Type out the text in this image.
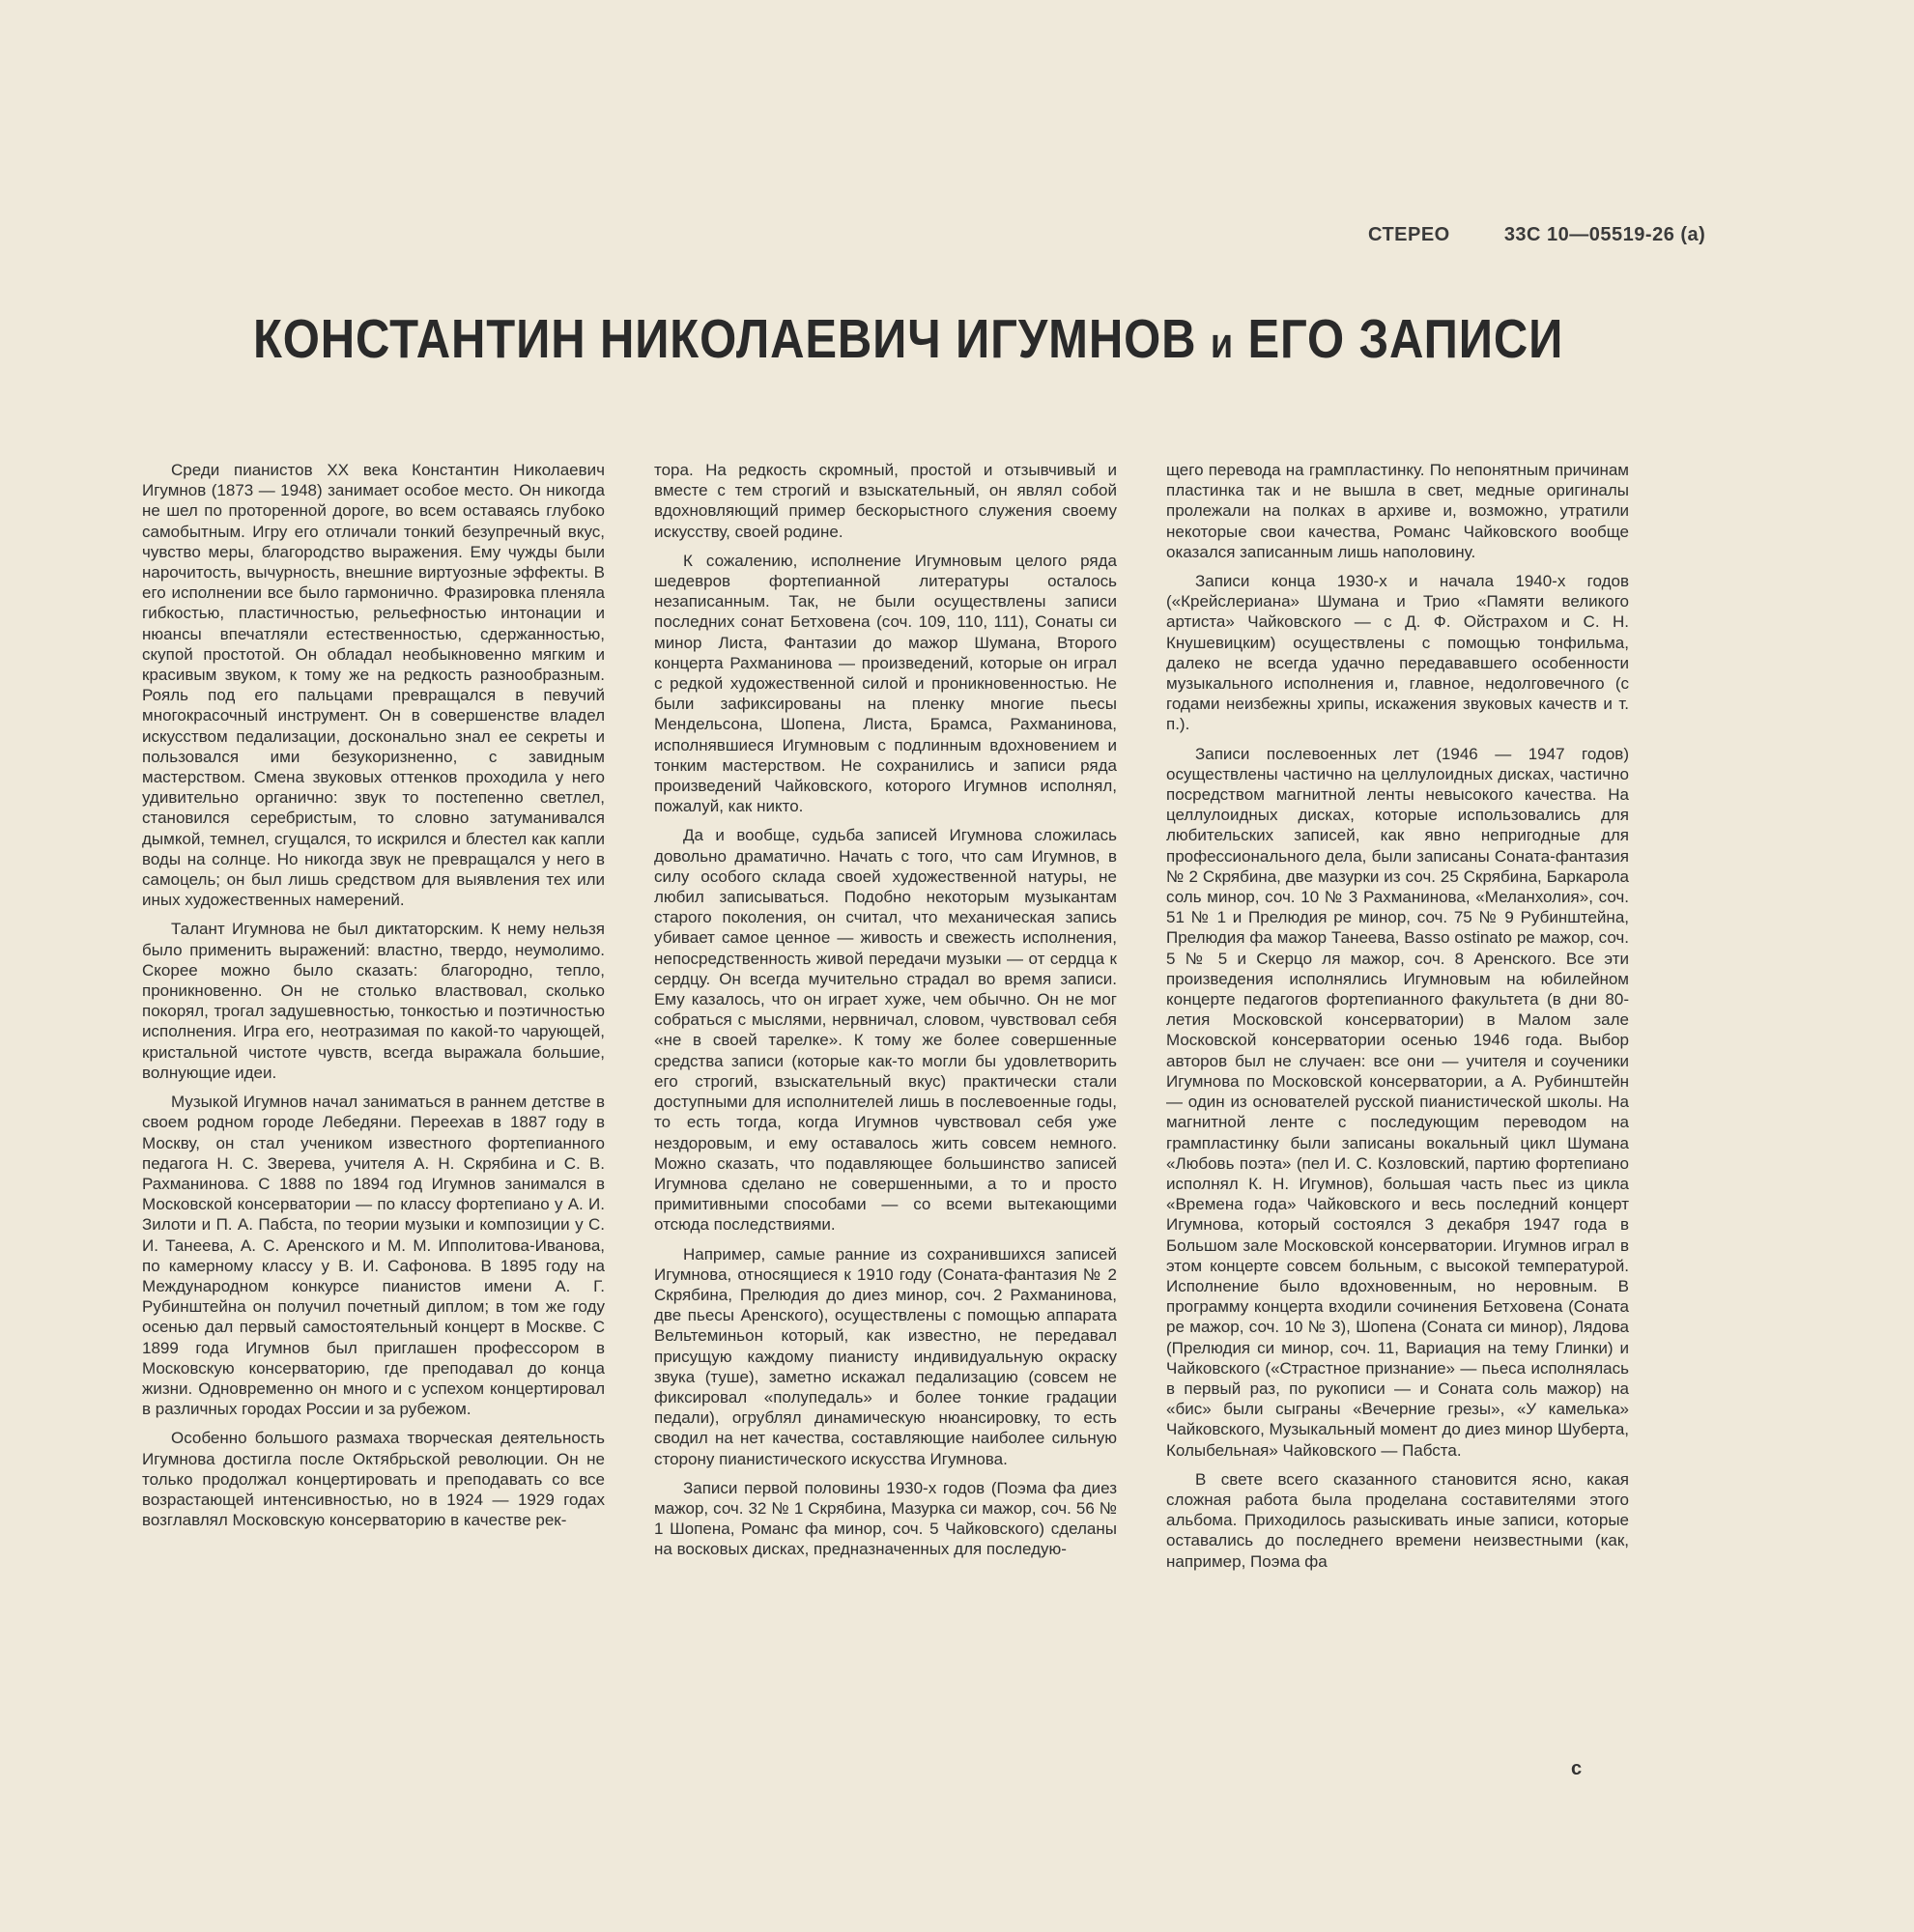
СТЕРЕО	33С 10—05519-26 (а)
КОНСТАНТИН НИКОЛАЕВИЧ ИГУМНОВ и ЕГО ЗАПИСИ

Среди пианистов XX века Константин Николаевич Игумнов (1873 — 1948) занимает особое место. Он никогда не шел по проторенной дороге, во всем оставаясь глубоко самобытным. Игру его отличали тонкий безупречный вкус, чувство меры, благородство выражения. Ему чужды были нарочитость, вычурность, внешние виртуозные эффекты. В его исполнении все было гармонично. Фразировка пленяла гибкостью, пластичностью, рельефностью интонации и нюансы впечатляли естественностью, сдержанностью, скупой простотой. Он обладал необыкновенно мягким и красивым звуком, к тому же на редкость разнообразным. Рояль под его пальцами превращался в певучий многокрасочный инструмент. Он в совершенстве владел искусством педализации, досконально знал ее секреты и пользовался ими безукоризненно, с завидным мастерством. Смена звуковых оттенков проходила у него удивительно органично: звук то постепенно светлел, становился серебристым, то словно затуманивался дымкой, темнел, сгущался, то искрился и блестел как капли воды на солнце. Но никогда звук не превращался у него в самоцель; он был лишь средством для выявления тех или иных художественных намерений.

Талант Игумнова не был диктаторским. К нему нельзя было применить выражений: властно, твердо, неумолимо. Скорее можно было сказать: благородно, тепло, проникновенно. Он не столько властвовал, сколько покорял, трогал задушевностью, тонкостью и поэтичностью исполнения. Игра его, неотразимая по какой-то чарующей, кристальной чистоте чувств, всегда выражала большие, волнующие идеи.

Музыкой Игумнов начал заниматься в раннем детстве в своем родном городе Лебедяни. Переехав в 1887 году в Москву, он стал учеником известного фортепианного педагога Н. С. Зверева, учителя А. Н. Скрябина и С. В. Рахманинова. С 1888 по 1894 год Игумнов занимался в Московской консерватории — по классу фортепиано у А. И. Зилоти и П. А. Пабста, по теории музыки и композиции у С. И. Танеева, А. С. Аренского и М. М. Ипполитова-Иванова, по камерному классу у В. И. Сафонова. В 1895 году на Международном конкурсе пианистов имени А. Г. Рубинштейна он получил почетный диплом; в том же году осенью дал первый самостоятельный концерт в Москве. С 1899 года Игумнов был приглашен профессором в Московскую консерваторию, где преподавал до конца жизни. Одновременно он много и с успехом концертировал в различных городах России и за рубежом.

Особенно большого размаха творческая деятельность Игумнова достигла после Октябрьской революции. Он не только продолжал концертировать и преподавать со все возрастающей интенсивностью, но в 1924 — 1929 годах возглавлял Московскую консерваторию в качестве рек-

тора. На редкость скромный, простой и отзывчивый и вместе с тем строгий и взыскательный, он являл собой вдохновляющий пример бескорыстного служения своему искусству, своей родине.

К сожалению, исполнение Игумновым целого ряда шедевров фортепианной литературы осталось незаписанным. Так, не были осуществлены записи последних сонат Бетховена (соч. 109, 110, 111), Сонаты си минор Листа, Фантазии до мажор Шумана, Второго концерта Рахманинова — произведений, которые он играл с редкой художественной силой и проникновенностью. Не были зафиксированы на пленку многие пьесы Мендельсона, Шопена, Листа, Брамса, Рахманинова, исполнявшиеся Игумновым с подлинным вдохновением и тонким мастерством. Не сохранились и записи ряда произведений Чайковского, которого Игумнов исполнял, пожалуй, как никто.

Да и вообще, судьба записей Игумнова сложилась довольно драматично. Начать с того, что сам Игумнов, в силу особого склада своей художественной натуры, не любил записываться. Подобно некоторым музыкантам старого поколения, он считал, что механическая запись убивает самое ценное — живость и свежесть исполнения, непосредственность живой передачи музыки — от сердца к сердцу. Он всегда мучительно страдал во время записи. Ему казалось, что он играет хуже, чем обычно. Он не мог собраться с мыслями, нервничал, словом, чувствовал себя «не в своей тарелке». К тому же более совершенные средства записи (которые как-то могли бы удовлетворить его строгий, взыскательный вкус) практически стали доступными для исполнителей лишь в послевоенные годы, то есть тогда, когда Игумнов чувствовал себя уже нездоровым, и ему оставалось жить совсем немного. Можно сказать, что подавляющее большинство записей Игумнова сделано не совершенными, а то и просто примитивными способами — со всеми вытекающими отсюда последствиями.

Например, самые ранние из сохранившихся записей Игумнова, относящиеся к 1910 году (Соната-фантазия № 2 Скрябина, Прелюдия до диез минор, соч. 2 Рахманинова, две пьесы Аренского), осуществлены с помощью аппарата Вельтеминьон который, как известно, не передавал присущую каждому пианисту индивидуальную окраску звука (туше), заметно искажал педализацию (совсем не фиксировал «полупедаль» и более тонкие градации педали), огрублял динамическую нюансировку, то есть сводил на нет качества, составляющие наиболее сильную сторону пианистического искусства Игумнова.

Записи первой половины 1930-х годов (Поэма фа диез мажор, соч. 32 № 1 Скрябина, Мазурка си мажор, соч. 56 № 1 Шопена, Романс фа минор, соч. 5 Чайковского) сделаны на восковых дисках, предназначенных для последую-

щего перевода на грампластинку. По непонятным причинам пластинка так и не вышла в свет, медные оригиналы пролежали на полках в архиве и, возможно, утратили некоторые свои качества, Романс Чайковского вообще оказался записанным лишь наполовину.

Записи конца 1930-х и начала 1940-х годов («Крейслериана» Шумана и Трио «Памяти великого артиста» Чайковского — с Д. Ф. Ойстрахом и С. Н. Кнушевицким) осуществлены с помощью тонфильма, далеко не всегда удачно передававшего особенности музыкального исполнения и, главное, недолговечного (с годами неизбежны хрипы, искажения звуковых качеств и т. п.).

Записи послевоенных лет (1946 — 1947 годов) осуществлены частично на целлулоидных дисках, частично посредством магнитной ленты невысокого качества. На целлулоидных дисках, которые использовались для любительских записей, как явно непригодные для профессионального дела, были записаны Соната-фантазия № 2 Скрябина, две мазурки из соч. 25 Скрябина, Баркарола соль минор, соч. 10 № 3 Рахманинова, «Меланхолия», соч. 51 № 1 и Прелюдия ре минор, соч. 75 № 9 Рубинштейна, Прелюдия фа мажор Танеева, Basso ostinato ре мажор, соч. 5 № 5 и Скерцо ля мажор, соч. 8 Аренского. Все эти произведения исполнялись Игумновым на юбилейном концерте педагогов фортепианного факультета (в дни 80-летия Московской консерватории) в Малом зале Московской консерватории осенью 1946 года. Выбор авторов был не случаен: все они — учителя и соученики Игумнова по Московской консерватории, а А. Рубинштейн — один из основателей русской пианистической школы. На магнитной ленте с последующим переводом на грампластинку были записаны вокальный цикл Шумана «Любовь поэта» (пел И. С. Козловский, партию фортепиано исполнял К. Н. Игумнов), большая часть пьес из цикла «Времена года» Чайковского и весь последний концерт Игумнова, который состоялся 3 декабря 1947 года в Большом зале Московской консерватории. Игумнов играл в этом концерте совсем больным, с высокой температурой. Исполнение было вдохновенным, но неровным. В программу концерта входили сочинения Бетховена (Соната ре мажор, соч. 10 № 3), Шопена (Соната си минор), Лядова (Прелюдия си минор, соч. 11, Вариация на тему Глинки) и Чайковского («Страстное признание» — пьеса исполнялась в первый раз, по рукописи — и Соната соль мажор) на «бис» были сыграны «Вечерние грезы», «У камелька» Чайковского, Музыкальный момент до диез минор Шуберта, Колыбельная» Чайковского — Пабста.

В свете всего сказанного становится ясно, какая сложная работа была проделана составителями этого альбома. Приходилось разыскивать иные записи, которые оставались до последнего времени неизвестными (как, например, Поэма фа

с
